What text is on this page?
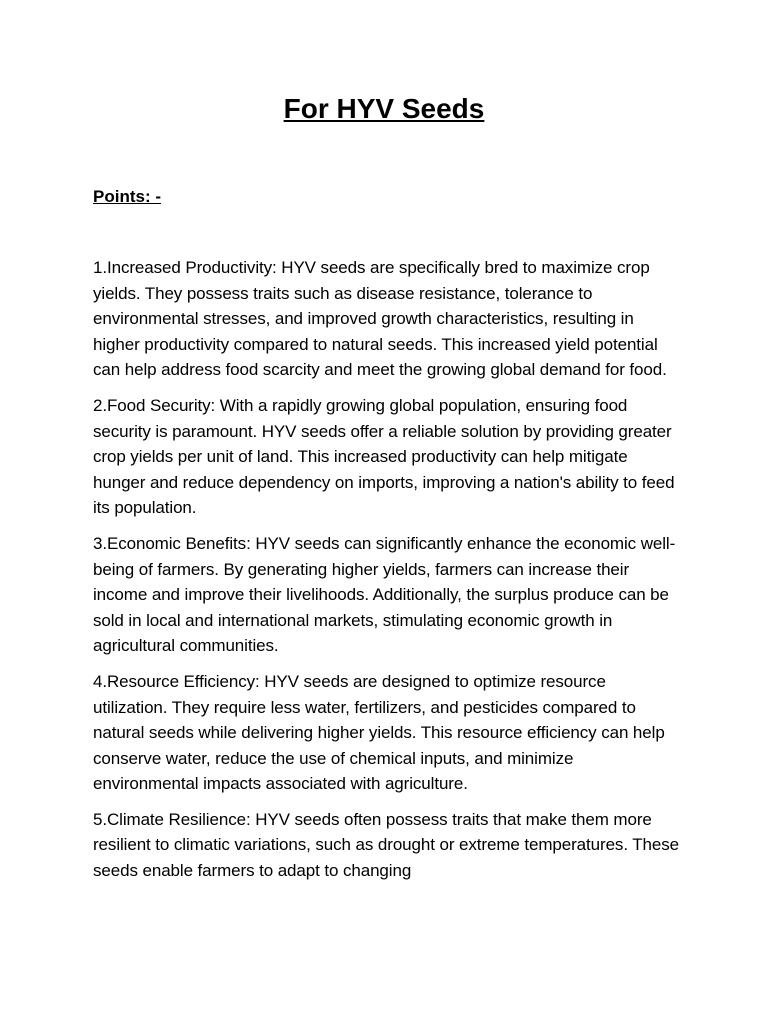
For HYV Seeds

Points: -

1.Increased Productivity: HYV seeds are specifically bred to maximize crop yields. They possess traits such as disease resistance, tolerance to environmental stresses, and improved growth characteristics, resulting in higher productivity compared to natural seeds. This increased yield potential can help address food scarcity and meet the growing global demand for food.

2.Food Security: With a rapidly growing global population, ensuring food security is paramount. HYV seeds offer a reliable solution by providing greater crop yields per unit of land. This increased productivity can help mitigate hunger and reduce dependency on imports, improving a nation's ability to feed its population.

3.Economic Benefits: HYV seeds can significantly enhance the economic well-being of farmers. By generating higher yields, farmers can increase their income and improve their livelihoods. Additionally, the surplus produce can be sold in local and international markets, stimulating economic growth in agricultural communities.

4.Resource Efficiency: HYV seeds are designed to optimize resource utilization. They require less water, fertilizers, and pesticides compared to natural seeds while delivering higher yields. This resource efficiency can help conserve water, reduce the use of chemical inputs, and minimize environmental impacts associated with agriculture.

5.Climate Resilience: HYV seeds often possess traits that make them more resilient to climatic variations, such as drought or extreme temperatures. These seeds enable farmers to adapt to changing
